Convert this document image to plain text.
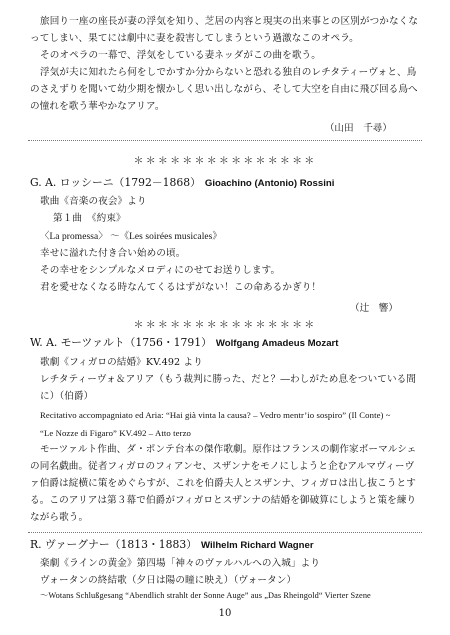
旅回り一座の座長が妻の浮気を知り、芝居の内容と現実の出来事との区別がつかなくな
ってしまい、果てには劇中に妻を殺害してしまうという過激なこのオペラ。
そのオペラの一幕で、浮気をしている妻ネッダがこの曲を歌う。
浮気が夫に知れたら何をしでかすか分からないと恐れる独自のレチタティーヴォと、鳥
のさえずりを聞いて幼少期を懐かしく思い出しながら、そして大空を自由に飛び回る鳥へ
の憧れを歌う華やかなアリア。
（山田　千尋）
＊＊＊＊＊＊＊＊＊＊＊＊＊＊＊
G. A. ロッシーニ（1792－1868） Gioachino (Antonio) Rossini
歌曲《音楽の夜会》より
第１曲　《約束》
〈La promessa〉 ～《Les soirées musicales》
幸せに溢れた付き合い始めの頃。
その幸せをシンプルなメロディにのせてお送りします。
君を愛せなくなる時なんてくるはずがない！この命あるかぎり！
（辻　響）
＊＊＊＊＊＊＊＊＊＊＊＊＊＊＊
W. A. モーツァルト（1756・1791） Wolfgang Amadeus Mozart
歌劇《フィガロの結婚》KV.492 より
レチタティーヴォ＆アリア（もう裁判に勝った、だと？―わしがため息をついている間
に）（伯爵）
Recitativo accompagniato ed Aria: “Hai già vinta la causa? – Vedro mentr’io sospiro” (Il Conte) ~
“Le Nozze di Figaro” KV.492 – Atto terzo
モーツァルト作曲、ダ・ポンテ台本の傑作歌劇。原作はフランスの劇作家ボーマルシェ
の同名戯曲。従者フィガロのフィアンセ、スザンナをモノにしようと企むアルマヴィーヴ
ァ伯爵は綻横に策をめぐらすが、これを伯爵夫人とスザンナ、フィガロは出し抜こうとす
る。このアリアは第３幕で伯爵がフィガロとスザンナの結婚を御破算にしようと策を練り
ながら歌う。
R. ヴァーグナー（1813・1883） Wilhelm Richard Wagner
楽劇《ラインの黄金》第四場「神々のヴァルハルへの入城」より
ヴォータンの終結歌（夕日は陽の瞳に映え）（ヴォータン）
～Wotans Schlußgesang “Abendlich strahlt der Sonne Auge” aus „Das Rheingold“ Vierter Szene
10
